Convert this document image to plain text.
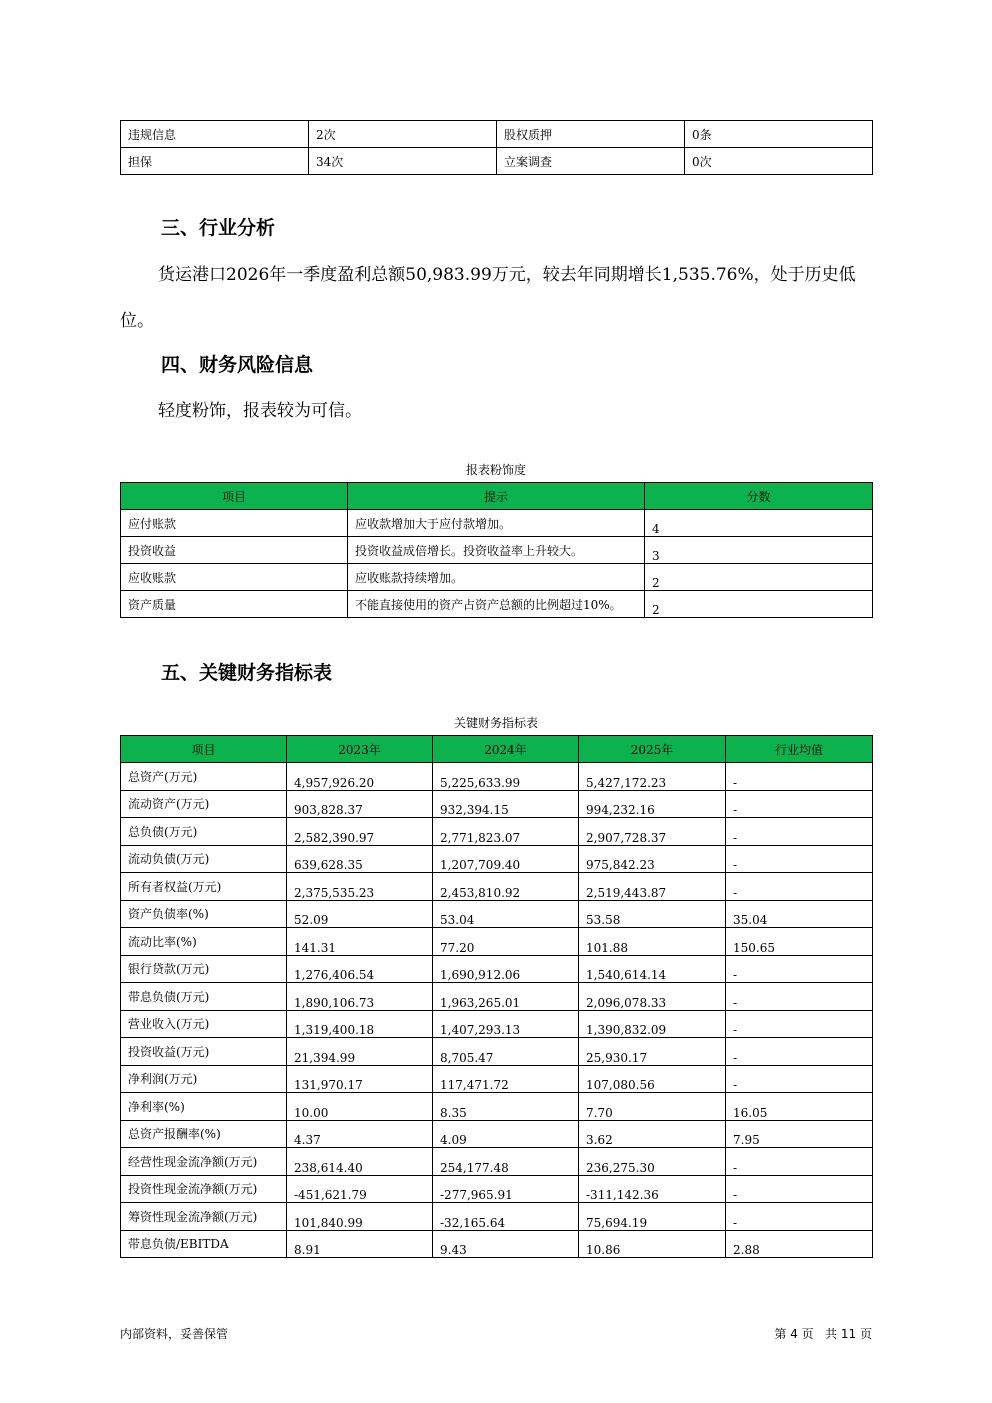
违规信息	2次	股权质押	0条
担保	34次	立案调查	0次
三、行业分析
货运港口2026年一季度盈利总额50,983.99万元，较去年同期增长1,535.76%，处于历史低位。
四、财务风险信息
轻度粉饰，报表较为可信。
报表粉饰度
项目	提示	分数
应付账款	应收款增加大于应付款增加。	4
投资收益	投资收益成倍增长。投资收益率上升较大。	3
应收账款	应收账款持续增加。	2
资产质量	不能直接使用的资产占资产总额的比例超过10%。	2
五、关键财务指标表
关键财务指标表
项目	2023年	2024年	2025年	行业均值
总资产(万元)	4,957,926.20	5,225,633.99	5,427,172.23	-
流动资产(万元)	903,828.37	932,394.15	994,232.16	-
总负债(万元)	2,582,390.97	2,771,823.07	2,907,728.37	-
流动负债(万元)	639,628.35	1,207,709.40	975,842.23	-
所有者权益(万元)	2,375,535.23	2,453,810.92	2,519,443.87	-
资产负债率(%)	52.09	53.04	53.58	35.04
流动比率(%)	141.31	77.20	101.88	150.65
银行贷款(万元)	1,276,406.54	1,690,912.06	1,540,614.14	-
带息负债(万元)	1,890,106.73	1,963,265.01	2,096,078.33	-
营业收入(万元)	1,319,400.18	1,407,293.13	1,390,832.09	-
投资收益(万元)	21,394.99	8,705.47	25,930.17	-
净利润(万元)	131,970.17	117,471.72	107,080.56	-
净利率(%)	10.00	8.35	7.70	16.05
总资产报酬率(%)	4.37	4.09	3.62	7.95
经营性现金流净额(万元)	238,614.40	254,177.48	236,275.30	-
投资性现金流净额(万元)	-451,621.79	-277,965.91	-311,142.36	-
筹资性现金流净额(万元)	101,840.99	-32,165.64	75,694.19	-
带息负债/EBITDA	8.91	9.43	10.86	2.88
内部资料，妥善保管	第 4 页   共 11 页
